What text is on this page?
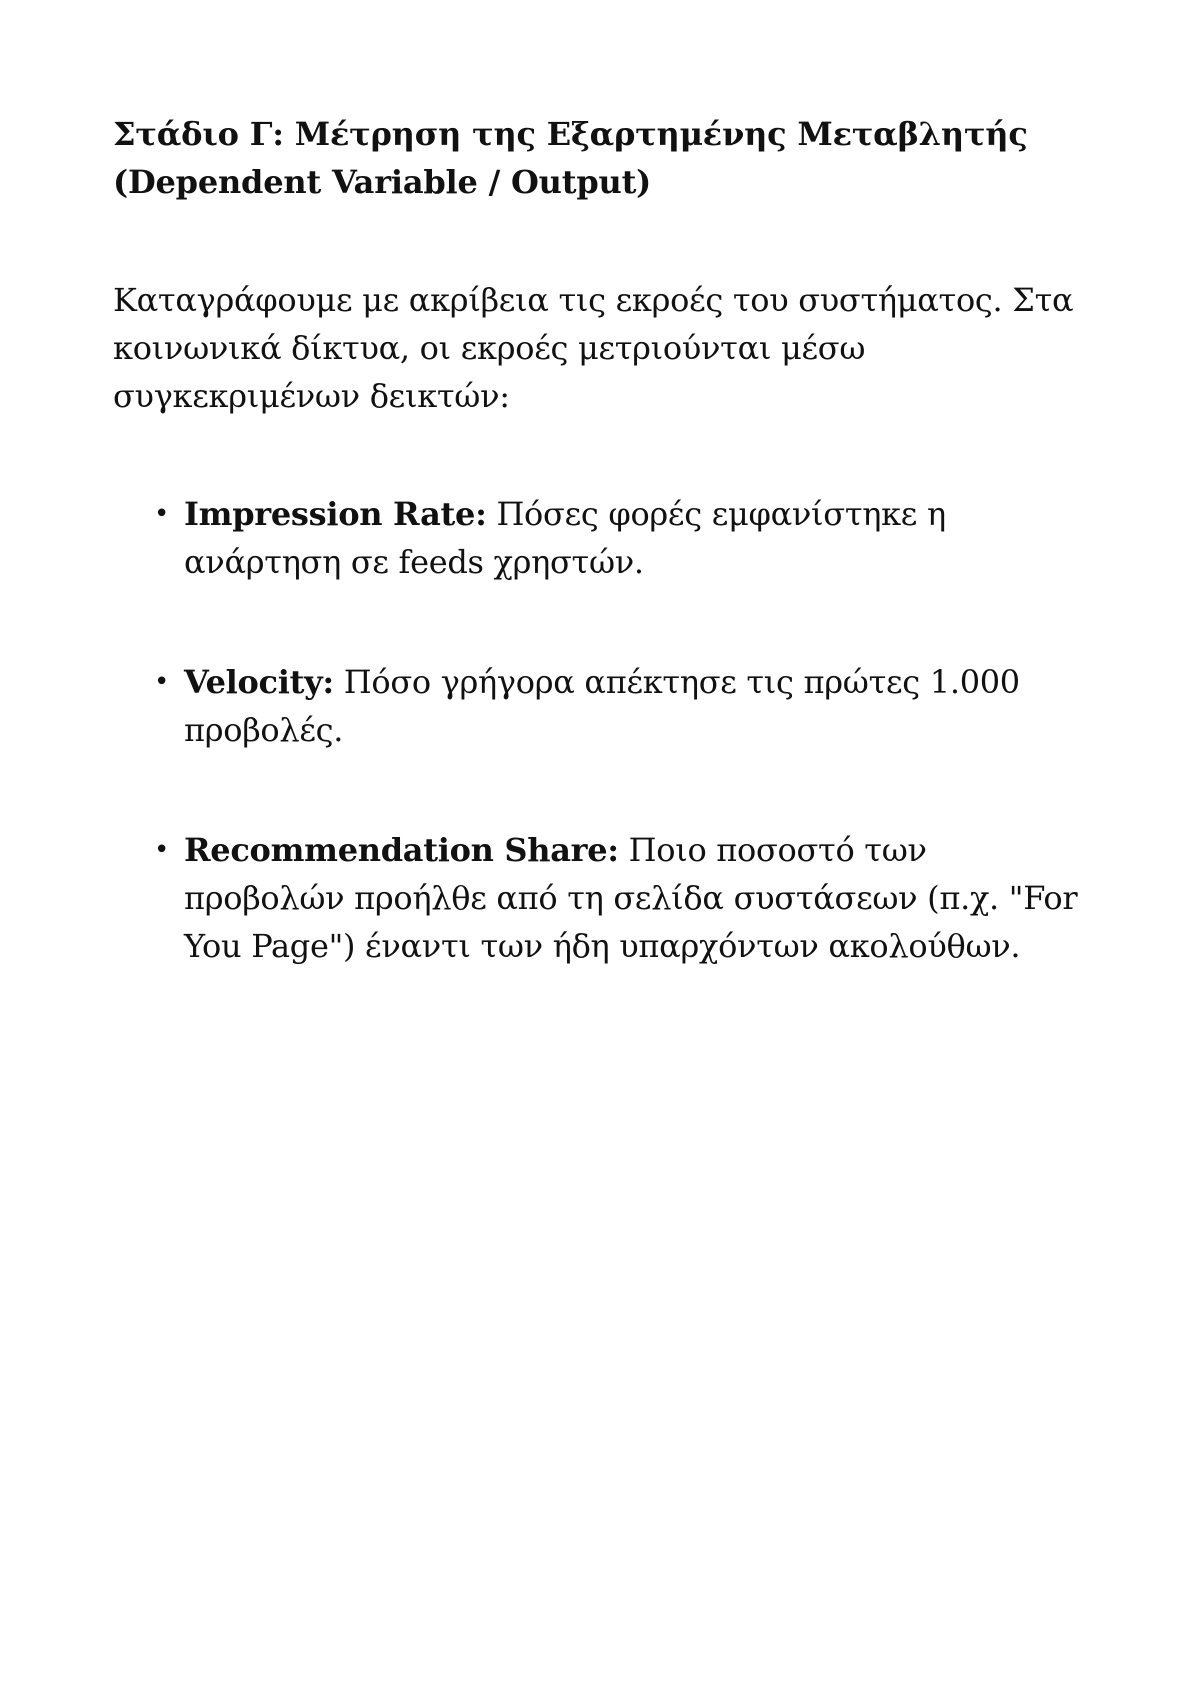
Στάδιο Γ: Μέτρηση της Εξαρτημένης Μεταβλητής
(Dependent Variable / Output)

Καταγράφουμε με ακρίβεια τις εκροές του συστήματος. Στα κοινωνικά δίκτυα, οι εκροές μετριούνται μέσω συγκεκριμένων δεικτών:

• Impression Rate: Πόσες φορές εμφανίστηκε η ανάρτηση σε feeds χρηστών.
• Velocity: Πόσο γρήγορα απέκτησε τις πρώτες 1.000 προβολές.
• Recommendation Share: Ποιο ποσοστό των προβολών προήλθε από τη σελίδα συστάσεων (π.χ. "For You Page") έναντι των ήδη υπαρχόντων ακολούθων.
